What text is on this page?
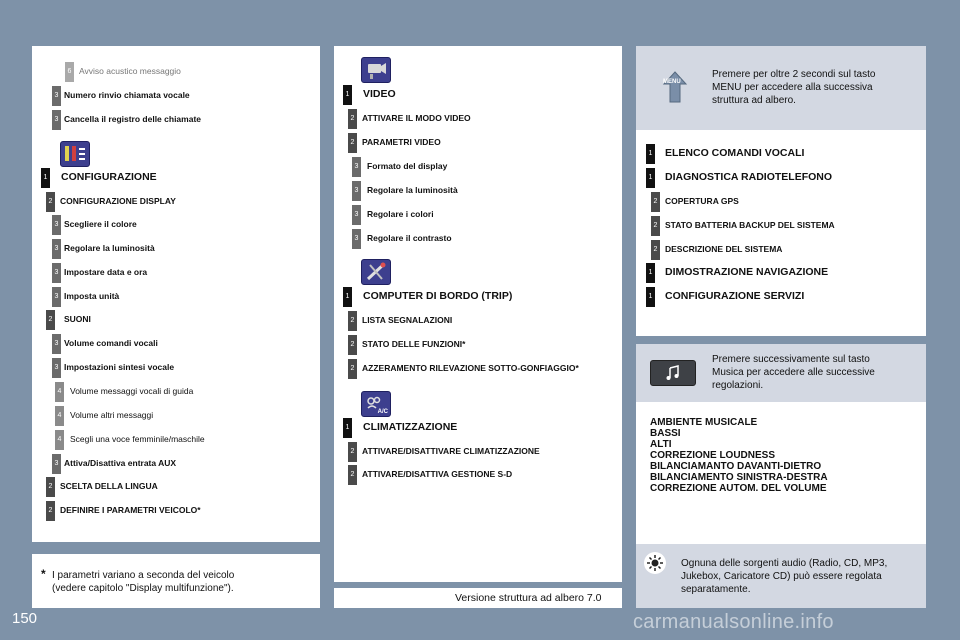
6 Avviso acustico messaggio
3 Numero rinvio chiamata vocale
3 Cancella il registro delle chiamate
1 CONFIGURAZIONE
2 CONFIGURAZIONE DISPLAY
3 Scegliere il colore
3 Regolare la luminosità
3 Impostare data e ora
3 Imposta unità
2 SUONI
3 Volume comandi vocali
3 Impostazioni sintesi vocale
4 Volume messaggi vocali di guida
4 Volume altri messaggi
4 Scegli una voce femminile/maschile
3 Attiva/Disattiva entrata AUX
2 SCELTA DELLA LINGUA
2 DEFINIRE I PARAMETRI VEICOLO*
* I parametri variano a seconda del veicolo
(vedere capitolo "Display multifunzione").
A/C
1 VIDEO
2 ATTIVARE IL MODO VIDEO
2 PARAMETRI VIDEO
3 Formato del display
3 Regolare la luminosità
3 Regolare i colori
3 Regolare il contrasto
1 COMPUTER DI BORDO (TRIP)
2 LISTA SEGNALAZIONI
2 STATO DELLE FUNZIONI*
2 AZZERAMENTO RILEVAZIONE SOTTO-GONFIAGGIO*
1 CLIMATIZZAZIONE
2 ATTIVARE/DISATTIVARE CLIMATIZZAZIONE
2 ATTIVARE/DISATTIVA GESTIONE S-D
Versione struttura ad albero 7.0
MENU
Premere per oltre 2 secondi sul tasto
MENU per accedere alla successiva
struttura ad albero.
1 ELENCO COMANDI VOCALI
1 DIAGNOSTICA RADIOTELEFONO
2 COPERTURA GPS
2 STATO BATTERIA BACKUP DEL SISTEMA
2 DESCRIZIONE DEL SISTEMA
1 DIMOSTRAZIONE NAVIGAZIONE
1 CONFIGURAZIONE SERVIZI
Premere successivamente sul tasto
Musica per accedere alle successive
regolazioni.
AMBIENTE MUSICALE
BASSI
ALTI
CORREZIONE LOUDNESS
BILANCIAMANTO DAVANTI-DIETRO
BILANCIAMENTO SINISTRA-DESTRA
CORREZIONE AUTOM. DEL VOLUME
Ognuna delle sorgenti audio (Radio, CD, MP3,
Jukebox, Caricatore CD) può essere regolata
separatamente.
150	carmanualsonline.info
